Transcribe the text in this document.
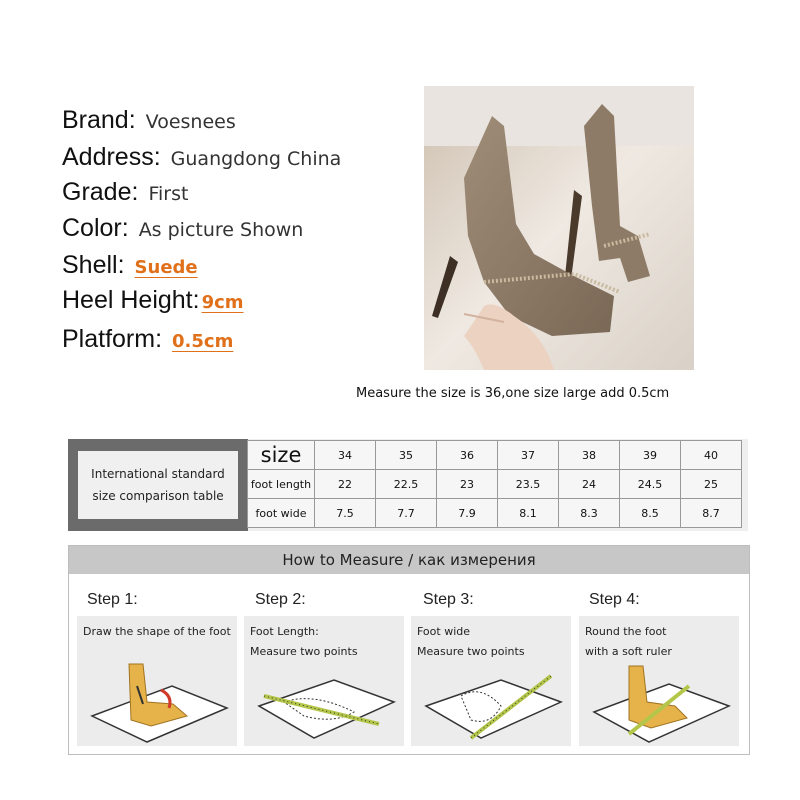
Brand: Voesnees
Address: Guangdong China
Grade: First
Color: As picture Shown
Shell: Suede
Heel Height: 9cm
Platform: 0.5cm
Measure the size is 36,one size large add 0.5cm
International standard
size comparison table
size	34	35	36	37	38	39	40
foot length	22	22.5	23	23.5	24	24.5	25
foot wide	7.5	7.7	7.9	8.1	8.3	8.5	8.7
How to Measure / как измерения
Step 1:
Draw the shape of the foot
Step 2:
Foot Length:
Measure two points
Step 3:
Foot wide
Measure two points
Step 4:
Round the foot
with a soft ruler
